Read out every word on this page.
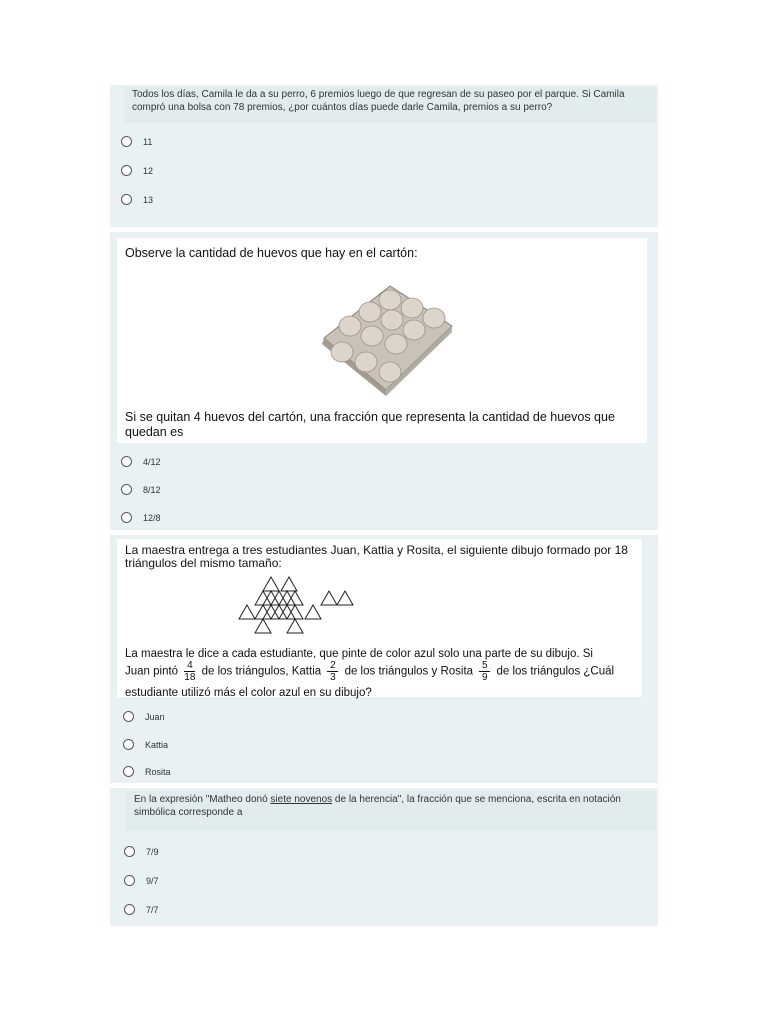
Todos los días, Camila le da a su perro, 6 premios luego de que regresan de su paseo por el parque. Si Camila compró una bolsa con 78 premios, ¿por cuántos días puede darle Camila, premios a su perro?
11
12
13
Observe la cantidad de huevos que hay en el cartón:
Si se quitan 4 huevos del cartón, una fracción que representa la cantidad de huevos que quedan es
4/12
8/12
12/8
La maestra entrega a tres estudiantes Juan, Kattia y Rosita, el siguiente dibujo formado por 18 triángulos del mismo tamaño:
La maestra le dice a cada estudiante, que pinte de color azul solo una parte de su dibujo. Si
Juan pintó $\frac{4}{18}$ de los triángulos, Kattia $\frac{2}{3}$ de los triángulos y Rosita $\frac{5}{9}$ de los triángulos ¿Cuál
estudiante utilizó más el color azul en su dibujo?
Juan
Kattia
Rosita
En la expresión "Matheo donó siete novenos de la herencia", la fracción que se menciona, escrita en notación simbólica corresponde a
7/9
9/7
7/7
